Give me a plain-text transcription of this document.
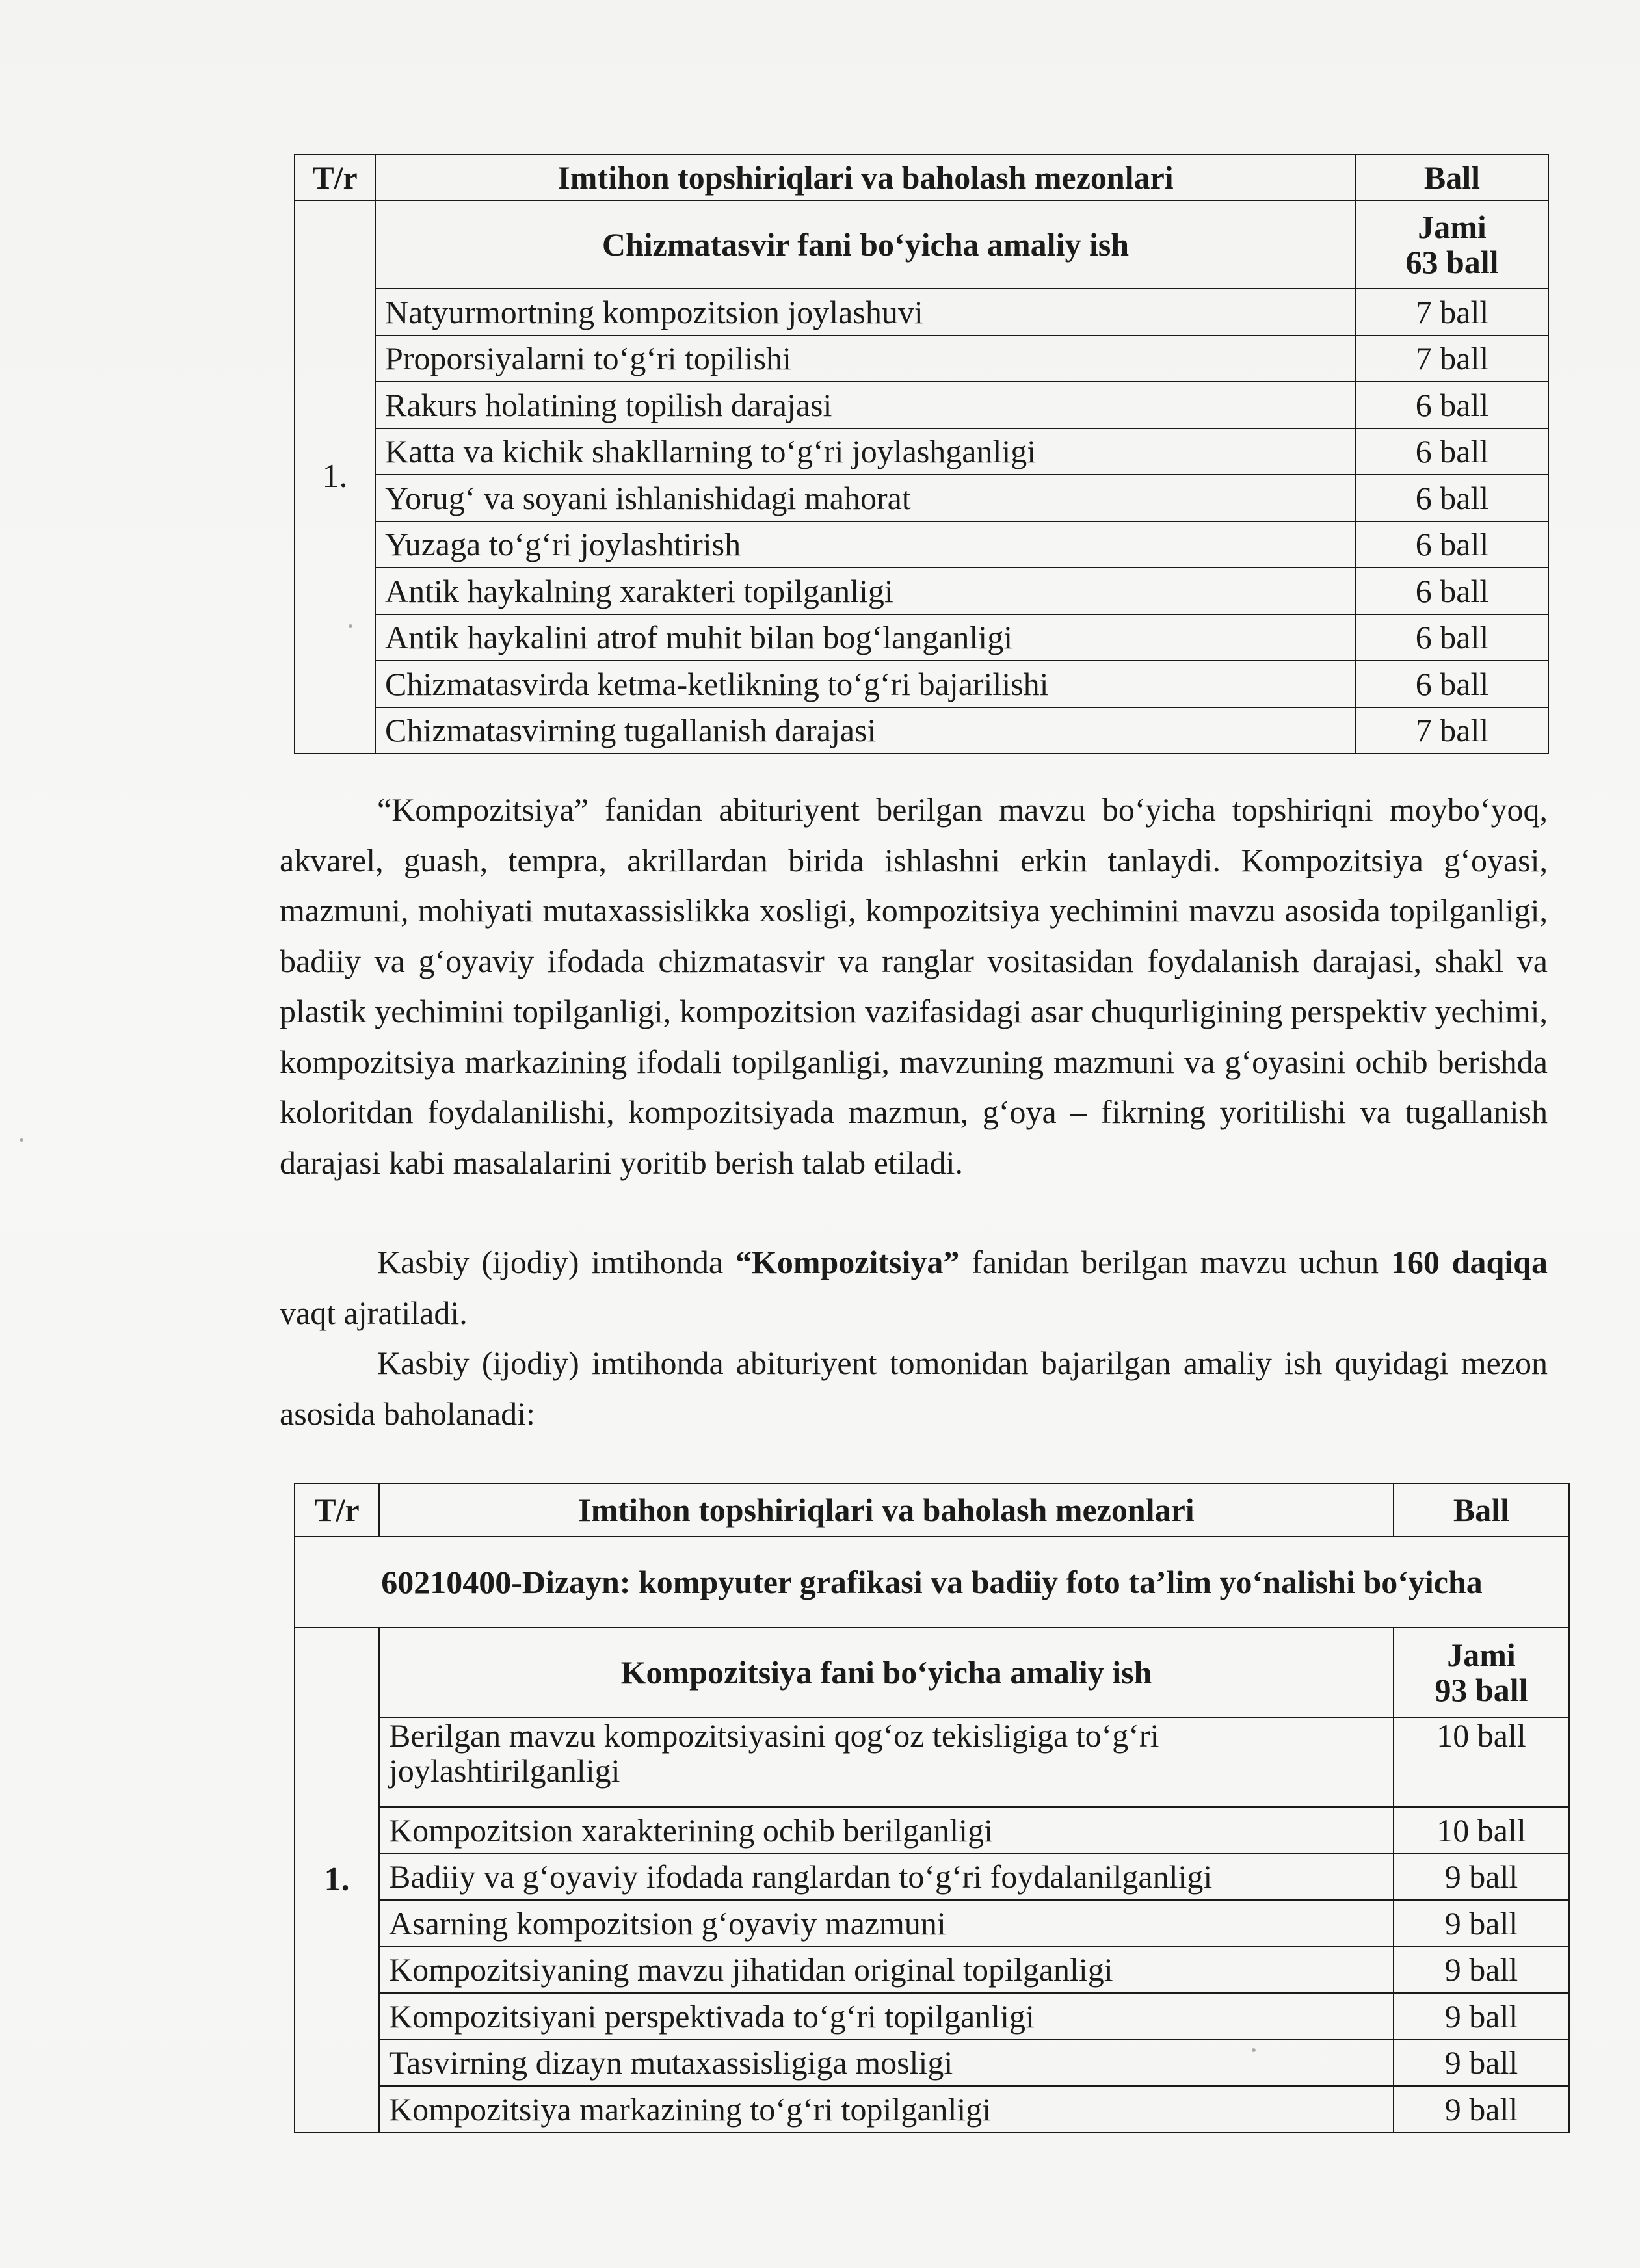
T/r	Imtihon topshiriqlari va baholash mezonlari	Ball
1.	Chizmatasvir fani bo‘yicha amaliy ish	Jami
63 ball

	Natyurmortning kompozitsion joylashuvi	7 ball
	Proporsiyalarni to‘g‘ri topilishi	7 ball
	Rakurs holatining topilish darajasi	6 ball
	Katta va kichik shakllarning to‘g‘ri joylashganligi	6 ball
	Yorug‘ va soyani ishlanishidagi mahorat	6 ball
	Yuzaga to‘g‘ri joylashtirish	6 ball
	Antik haykalning xarakteri topilganligi	6 ball
	Antik haykalini atrof muhit bilan bog‘langanligi	6 ball
	Chizmatasvirda ketma-ketlikning to‘g‘ri bajarilishi	6 ball
	Chizmatasvirning tugallanish darajasi	7 ball

“Kompozitsiya” fanidan abituriyent berilgan mavzu bo‘yicha topshiriqni moybo‘yoq, akvarel, guash, tempra, akrillardan birida ishlashni erkin tanlaydi. Kompozitsiya g‘oyasi, mazmuni, mohiyati mutaxassislikka xosligi, kompozitsiya yechimini mavzu asosida topilganligi, badiiy va g‘oyaviy ifodada chizmatasvir va ranglar vositasidan foydalanish darajasi, shakl va plastik yechimini topilganligi, kompozitsion vazifasidagi asar chuqurligining perspektiv yechimi, kompozitsiya markazining ifodali topilganligi, mavzuning mazmuni va g‘oyasini ochib berishda koloritdan foydalanilishi, kompozitsiyada mazmun, g‘oya – fikrning yoritilishi va tugallanish darajasi kabi masalalarini yoritib berish talab etiladi.

Kasbiy (ijodiy) imtihonda “Kompozitsiya” fanidan berilgan mavzu uchun 160 daqiqa vaqt ajratiladi.

Kasbiy (ijodiy) imtihonda abituriyent tomonidan bajarilgan amaliy ish quyidagi mezon asosida baholanadi:

T/r	Imtihon topshiriqlari va baholash mezonlari	Ball
60210400-Dizayn: kompyuter grafikasi va badiiy foto ta’lim yo‘nalishi bo‘yicha		
1.	Kompozitsiya fani bo‘yicha amaliy ish	Jami
93 ball

	Berilgan mavzu kompozitsiyasini qog‘oz tekisligiga to‘g‘ri joylashtirilganligi	10 ball
	Kompozitsion xarakterining ochib berilganligi	10 ball
	Badiiy va g‘oyaviy ifodada ranglardan to‘g‘ri foydalanilganligi	9 ball
	Asarning kompozitsion g‘oyaviy mazmuni	9 ball
	Kompozitsiyaning mavzu jihatidan original topilganligi	9 ball
	Kompozitsiyani perspektivada to‘g‘ri topilganligi	9 ball
	Tasvirning dizayn mutaxassisligiga mosligi	9 ball
	Kompozitsiya markazining to‘g‘ri topilganligi	9 ball
